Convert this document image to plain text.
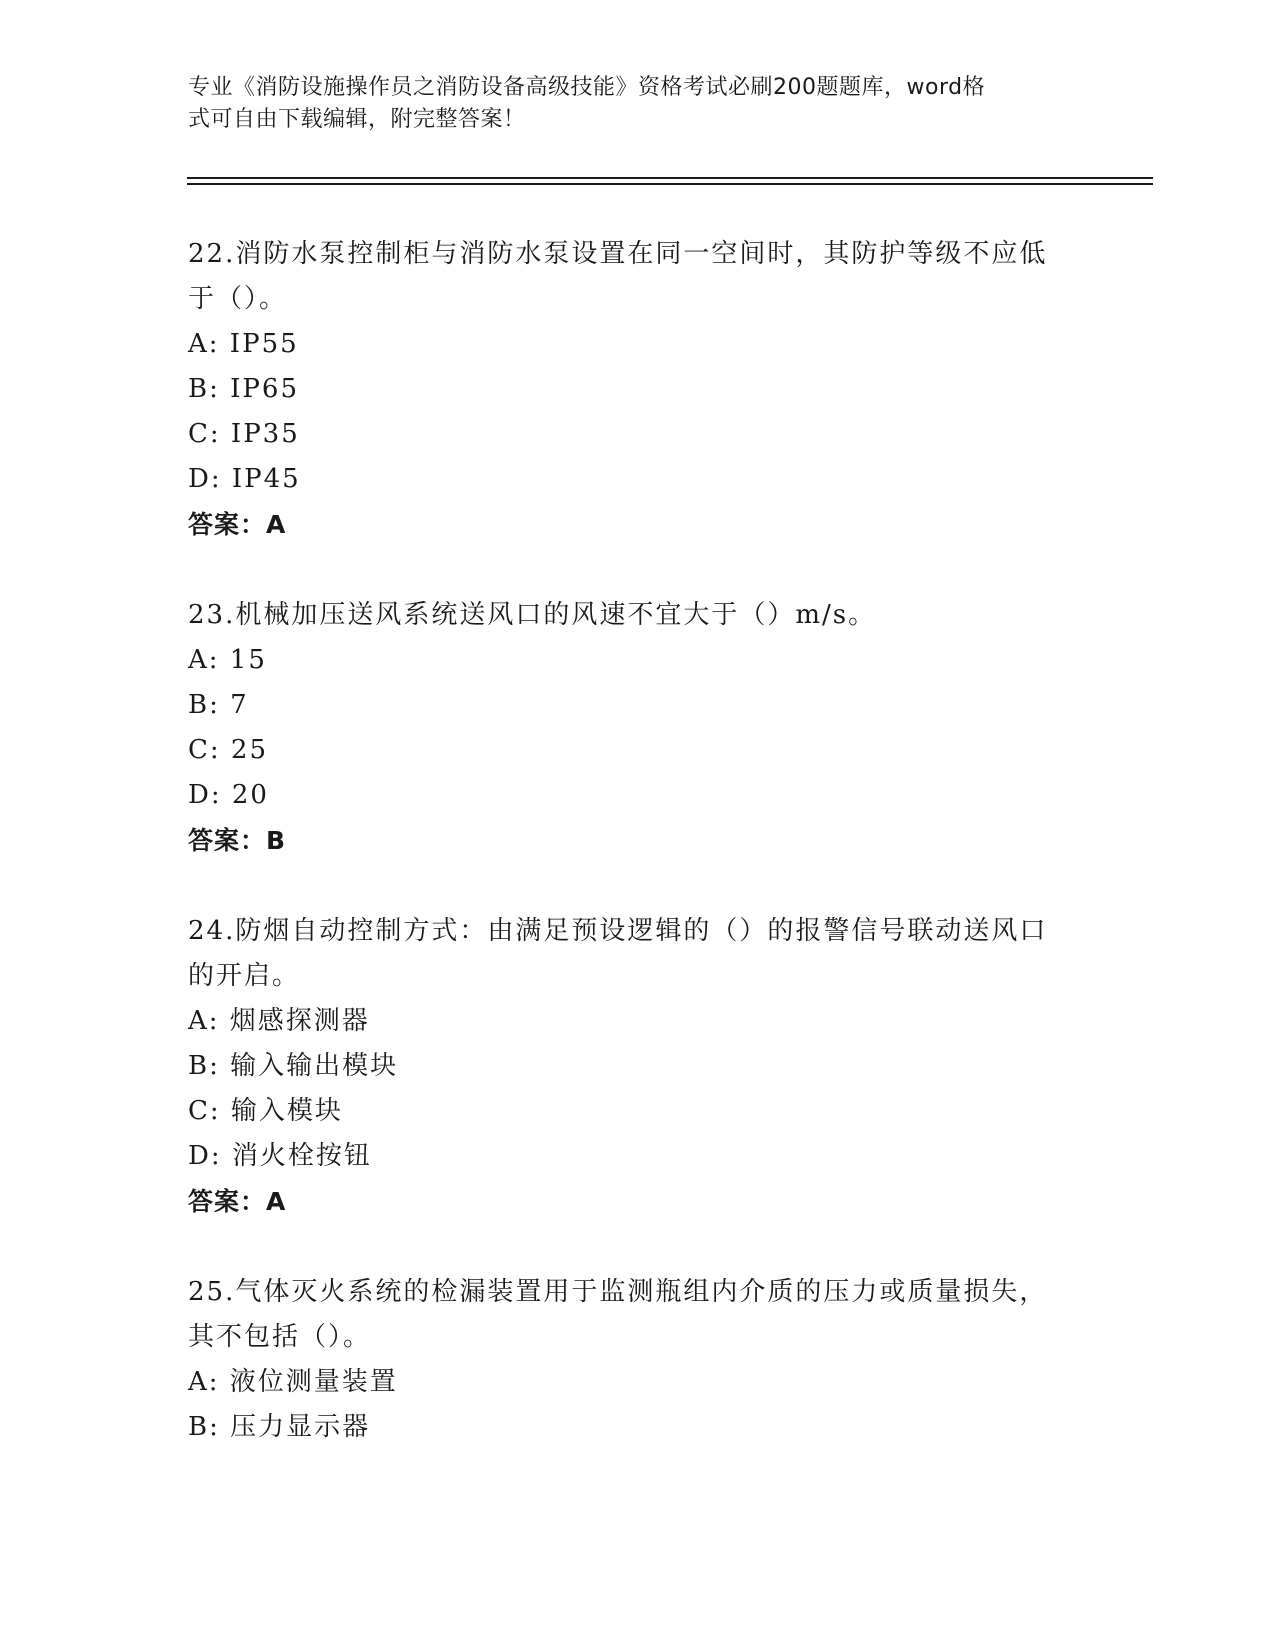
专业《消防设施操作员之消防设备高级技能》资格考试必刷200题题库，word格
式可自由下载编辑，附完整答案！
22.消防水泵控制柜与消防水泵设置在同一空间时，其防护等级不应低
于（）。
A: IP55
B: IP65
C: IP35
D: IP45
答案：A
23.机械加压送风系统送风口的风速不宜大于（）m/s。
A: 15
B: 7
C: 25
D: 20
答案：B
24.防烟自动控制方式：由满足预设逻辑的（）的报警信号联动送风口
的开启。
A: 烟感探测器
B: 输入输出模块
C: 输入模块
D: 消火栓按钮
答案：A
25.气体灭火系统的检漏装置用于监测瓶组内介质的压力或质量损失，
其不包括（）。
A: 液位测量装置
B: 压力显示器
